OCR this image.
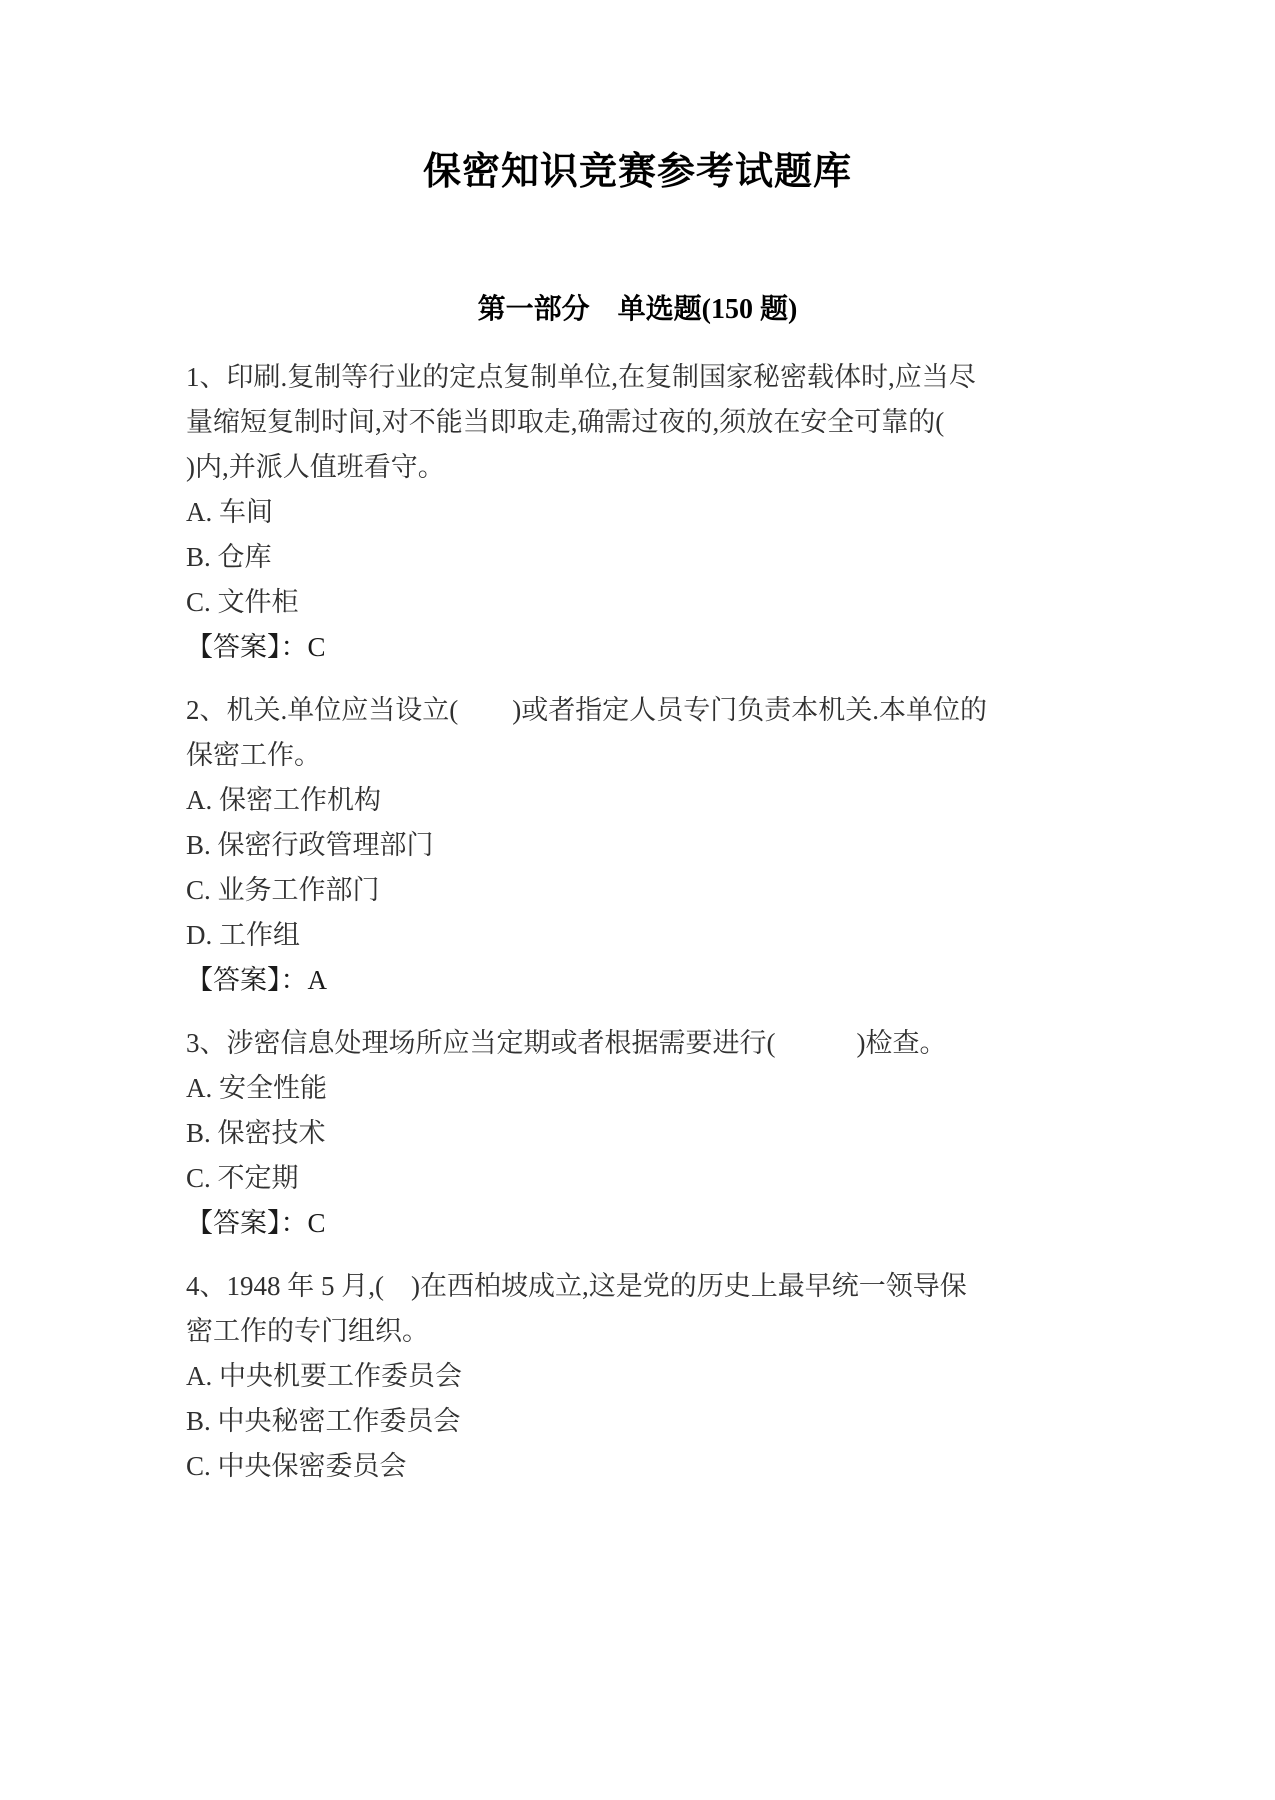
保密知识竞赛参考试题库
第一部分　单选题(150 题)

1、印刷.复制等行业的定点复制单位,在复制国家秘密载体时,应当尽

量缩短复制时间,对不能当即取走,确需过夜的,须放在安全可靠的(

)内,并派人值班看守。

A. 车间

B. 仓库

C. 文件柜

【答案】：C

2、机关.单位应当设立(　　)或者指定人员专门负责本机关.本单位的

保密工作。

A. 保密工作机构

B. 保密行政管理部门

C. 业务工作部门

D. 工作组

【答案】：A

3、涉密信息处理场所应当定期或者根据需要进行(　　　)检查。

A. 安全性能

B. 保密技术

C. 不定期

【答案】：C

4、1948 年 5 月,(　)在西柏坡成立,这是党的历史上最早统一领导保

密工作的专门组织。

A. 中央机要工作委员会

B. 中央秘密工作委员会

C. 中央保密委员会
